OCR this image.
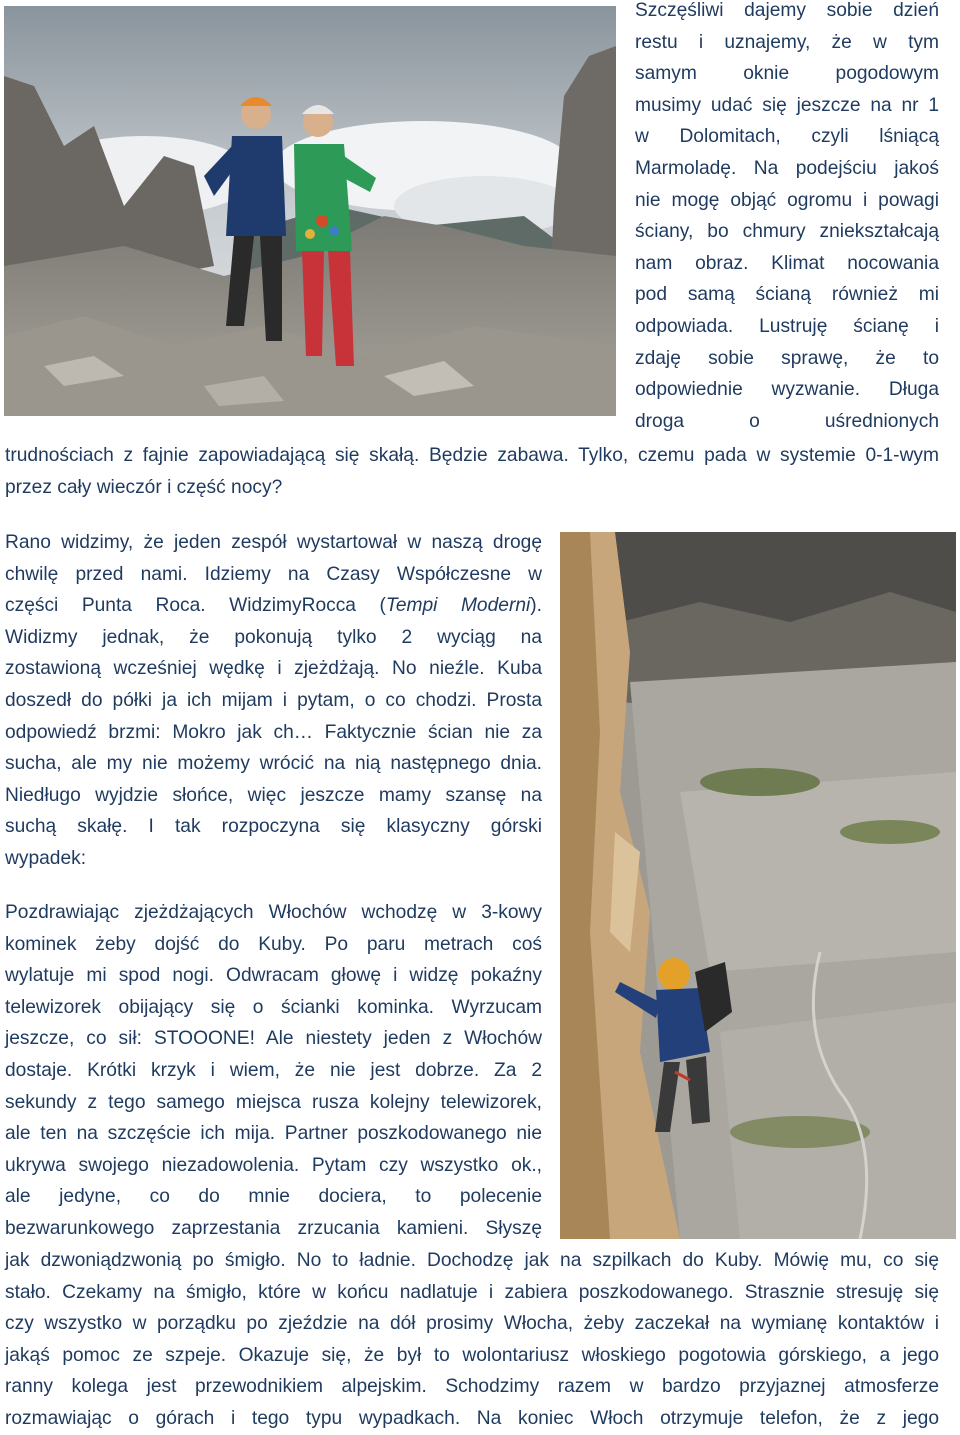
Szczęśliwi dajemy sobie dzień
restu i uznajemy, że w tym
samym oknie pogodowym
musimy udać się jeszcze na nr 1
w Dolomitach, czyli lśniącą
Marmoladę. Na podejściu jakoś
nie mogę objąć ogromu i powagi
ściany, bo chmury zniekształcają
nam obraz. Klimat nocowania
pod samą ścianą również mi
odpowiada. Lustruję ścianę i
zdaję sobie sprawę, że to
odpowiednie wyzwanie. Długa
droga o uśrednionych
trudnościach z fajnie zapowiadającą się skałą. Będzie zabawa. Tylko, czemu pada w systemie 0-1-wym
przez cały wieczór i część nocy?
Rano widzimy, że jeden zespół wystartował w naszą drogę
chwilę przed nami. Idziemy na Czasy Współczesne w
części Punta Roca. WidzimyRocca (Tempi Moderni).
Widizmy jednak, że pokonują tylko 2 wyciąg na
zostawioną wcześniej wędkę i zjeżdżają. No nieźle. Kuba
doszedł do półki ja ich mijam i pytam, o co chodzi. Prosta
odpowiedź brzmi: Mokro jak ch… Faktycznie ścian nie za
sucha, ale my nie możemy wrócić na nią następnego dnia.
Niedługo wyjdzie słońce, więc jeszcze mamy szansę na
suchą skałę. I tak rozpoczyna się klasyczny górski
wypadek:
Pozdrawiając zjeżdżających Włochów wchodzę w 3-kowy
kominek żeby dojść do Kuby. Po paru metrach coś
wylatuje mi spod nogi. Odwracam głowę i widzę pokaźny
telewizorek obijający się o ścianki kominka. Wyrzucam
jeszcze, co sił: STOOONE! Ale niestety jeden z Włochów
dostaje. Krótki krzyk i wiem, że nie jest dobrze. Za 2
sekundy z tego samego miejsca rusza kolejny telewizorek,
ale ten na szczęście ich mija. Partner poszkodowanego nie
ukrywa swojego niezadowolenia. Pytam czy wszystko ok.,
ale jedyne, co do mnie dociera, to polecenie
bezwarunkowego zaprzestania zrzucania kamieni. Słyszę
jak dzwoniądzwonią po śmigło. No to ładnie. Dochodzę jak na szpilkach do Kuby. Mówię mu, co się
stało. Czekamy na śmigło, które w końcu nadlatuje i zabiera poszkodowanego. Strasznie stresuję się
czy wszystko w porządku po zjeździe na dół prosimy Włocha, żeby zaczekał na wymianę kontaktów i
jakąś pomoc ze szpeje. Okazuje się, że był to wolontariusz włoskiego pogotowia górskiego, a jego
ranny kolega jest przewodnikiem alpejskim. Schodzimy razem w bardzo przyjaznej atmosferze
rozmawiając o górach i tego typu wypadkach. Na koniec Włoch otrzymuje telefon, że z jego
